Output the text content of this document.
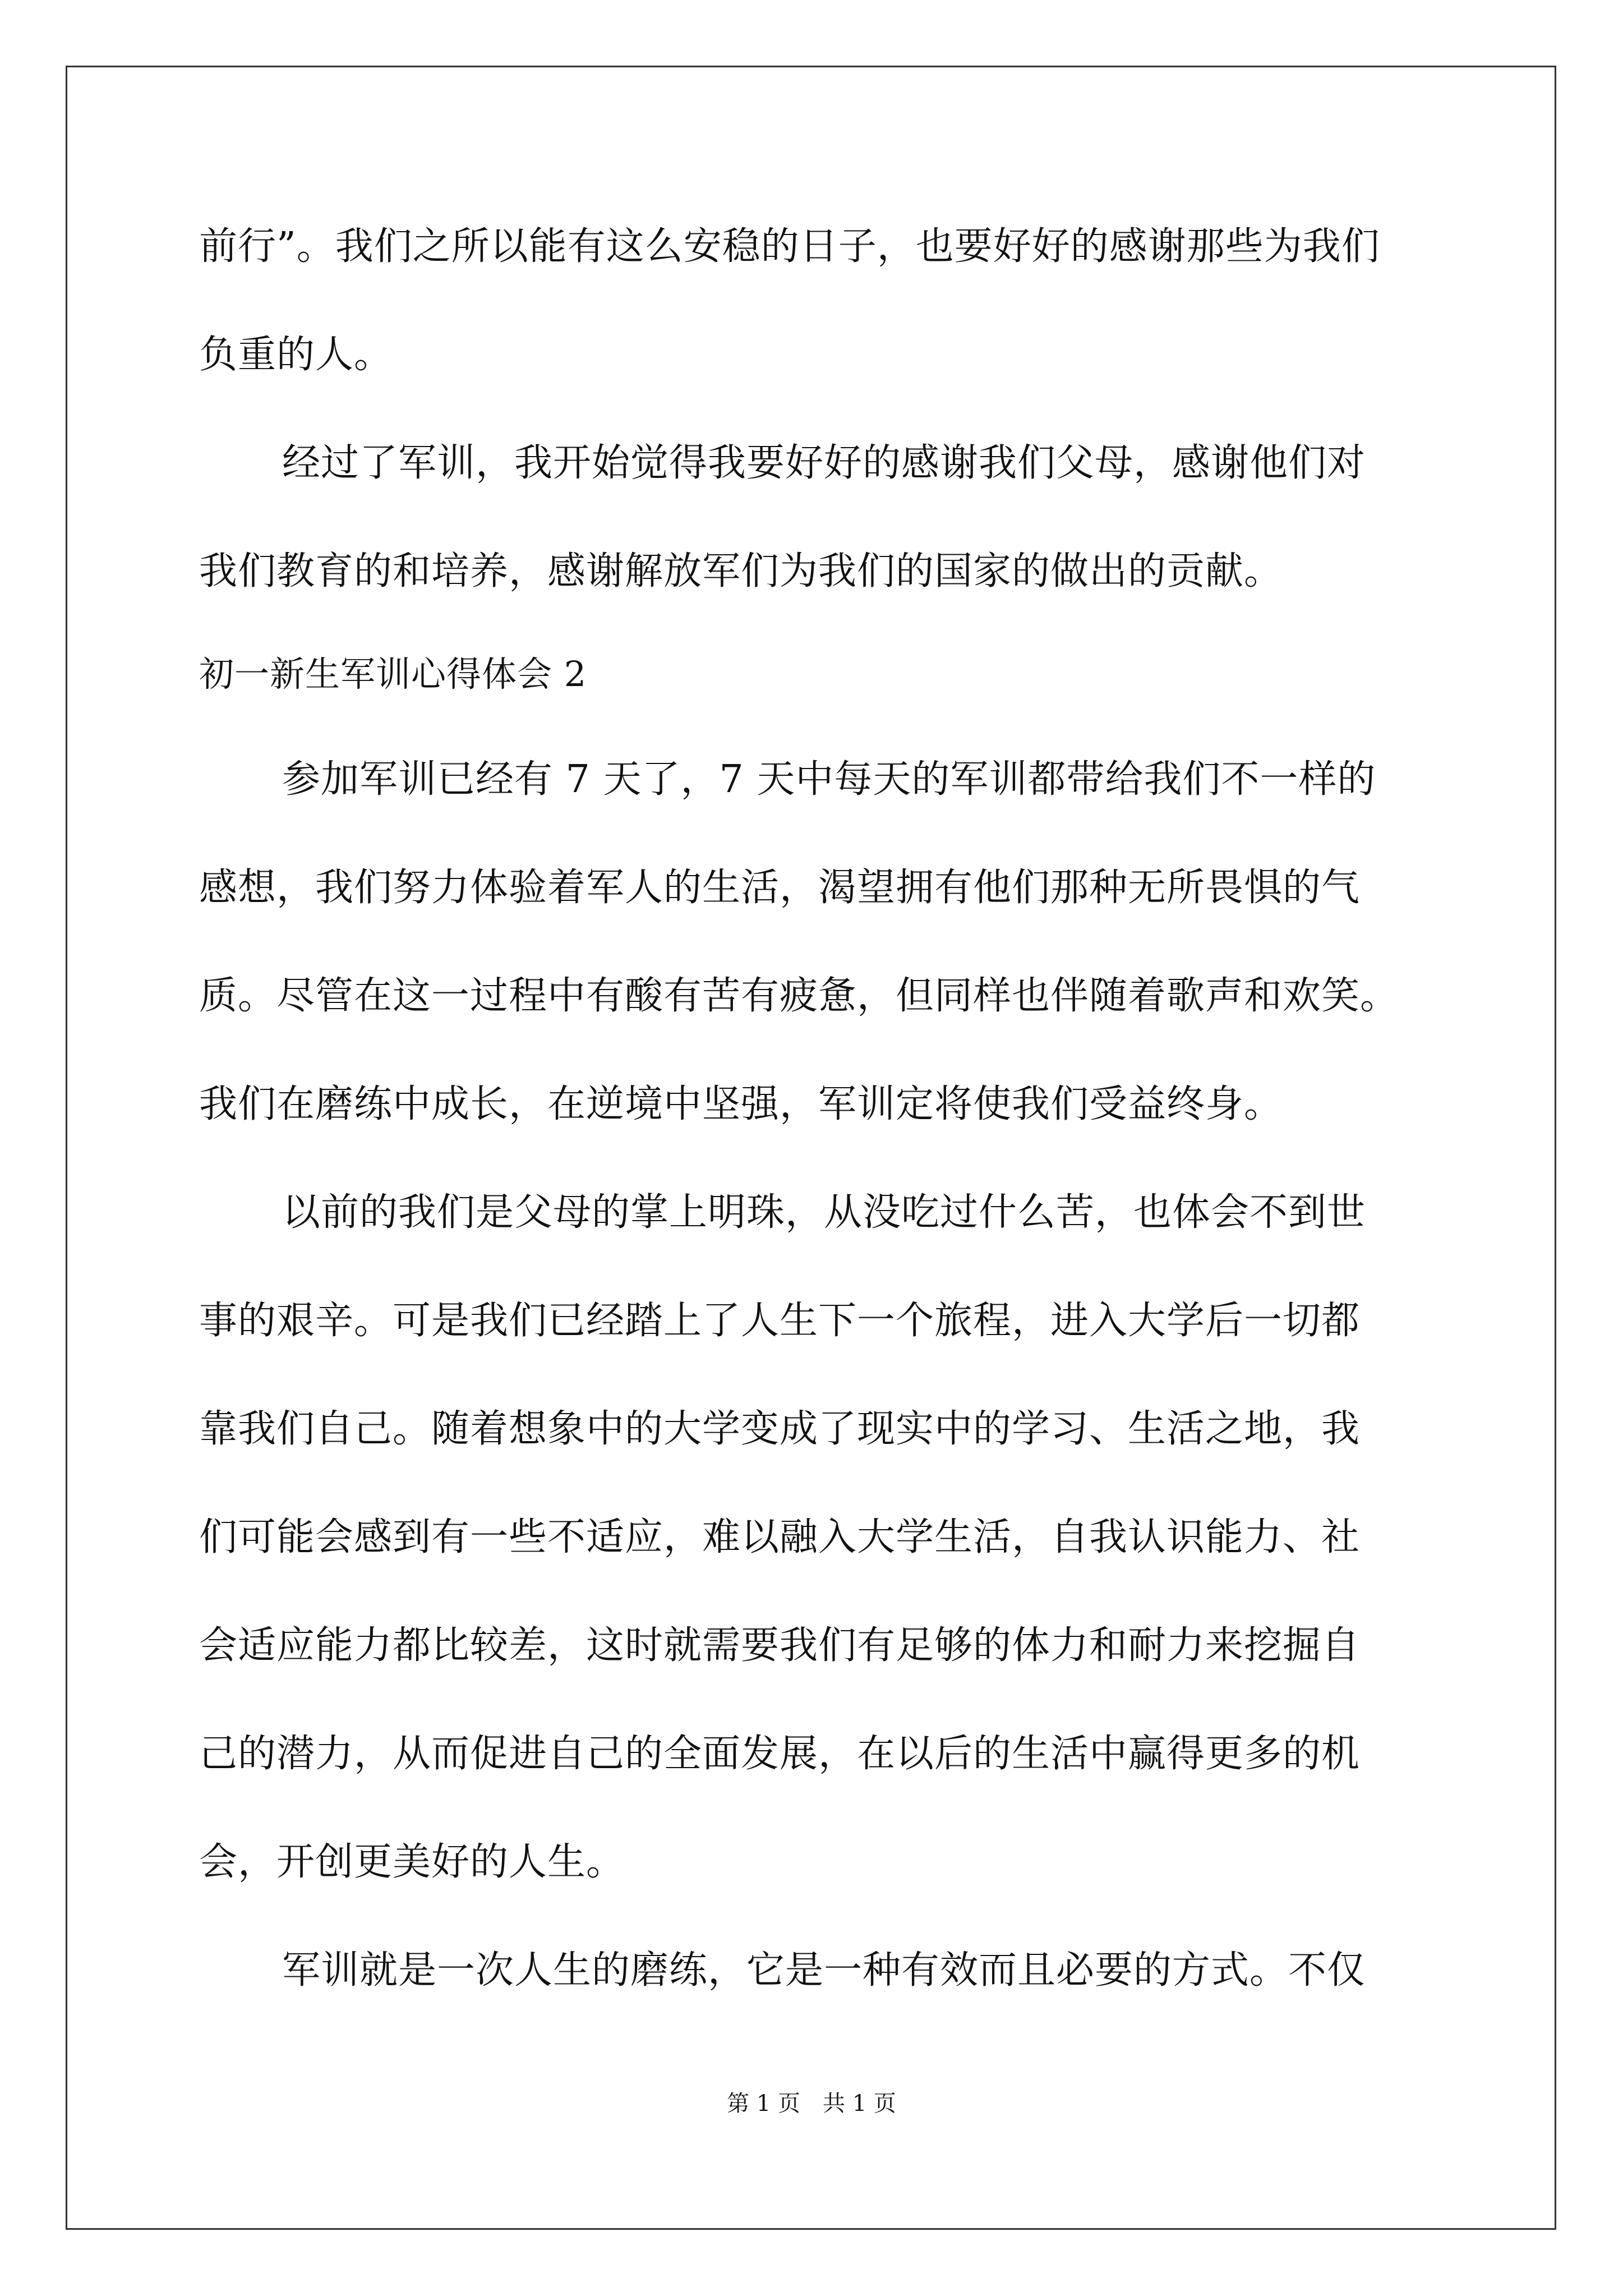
前行”。我们之所以能有这么安稳的日子，也要好好的感谢那些为我们
负重的人。
经过了军训，我开始觉得我要好好的感谢我们父母，感谢他们对
我们教育的和培养，感谢解放军们为我们的国家的做出的贡献。
初一新生军训心得体会 2
参加军训已经有 7 天了，7 天中每天的军训都带给我们不一样的
感想，我们努力体验着军人的生活，渴望拥有他们那种无所畏惧的气
质。尽管在这一过程中有酸有苦有疲惫，但同样也伴随着歌声和欢笑。
我们在磨练中成长，在逆境中坚强，军训定将使我们受益终身。
以前的我们是父母的掌上明珠，从没吃过什么苦，也体会不到世
事的艰辛。可是我们已经踏上了人生下一个旅程，进入大学后一切都
靠我们自己。随着想象中的大学变成了现实中的学习、生活之地，我
们可能会感到有一些不适应，难以融入大学生活，自我认识能力、社
会适应能力都比较差，这时就需要我们有足够的体力和耐力来挖掘自
己的潜力，从而促进自己的全面发展，在以后的生活中赢得更多的机
会，开创更美好的人生。
军训就是一次人生的磨练，它是一种有效而且必要的方式。不仅
第 1 页　共 1 页
